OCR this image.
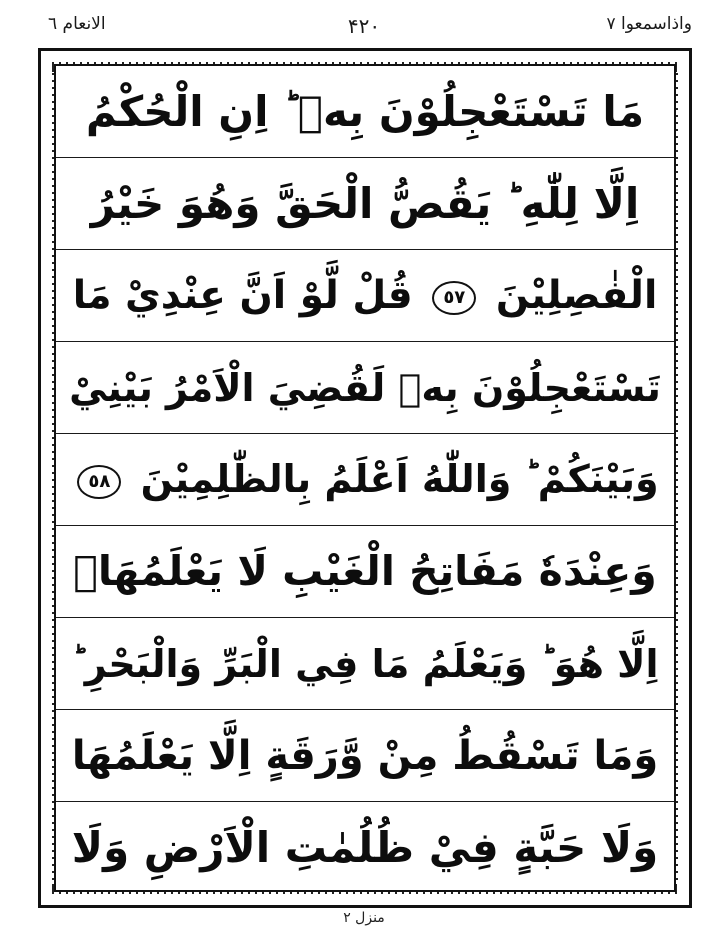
الانعام ٦	۴۲۰	واذاسمعوا ٧
مَا تَسْتَعْجِلُوْنَ بِهٖ ؕ اِنِ الْحُكْمُ
اِلَّا لِلّٰهِ ؕ يَقُصُّ الْحَقَّ وَهُوَ خَيْرُ
الْفٰصِلِيْنَ ٥٧ قُلْ لَّوْ اَنَّ عِنْدِيْ مَا
تَسْتَعْجِلُوْنَ بِهٖ لَقُضِيَ الْاَمْرُ بَيْنِيْ
وَبَيْنَكُمْ ؕ وَاللّٰهُ اَعْلَمُ بِالظّٰلِمِيْنَ ٥٨
وَعِنْدَهٗ مَفَاتِحُ الْغَيْبِ لَا يَعْلَمُهَاۤ
اِلَّا هُوَ ؕ وَيَعْلَمُ مَا فِي الْبَرِّ وَالْبَحْرِ ؕ
وَمَا تَسْقُطُ مِنْ وَّرَقَةٍ اِلَّا يَعْلَمُهَا
وَلَا حَبَّةٍ فِيْ ظُلُمٰتِ الْاَرْضِ وَلَا
منزل ٢
